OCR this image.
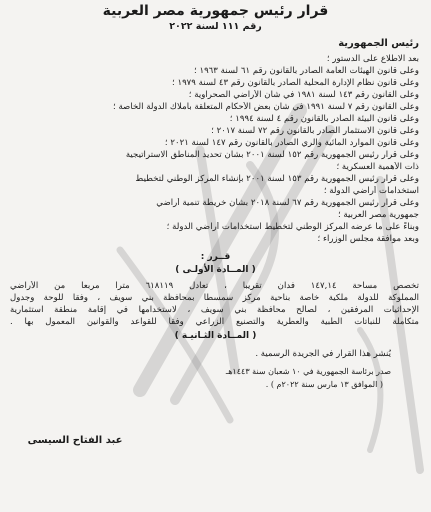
قرار رئيس جمهورية مصر العربية

رقم ١١١ لسنة ٢٠٢٢

رئيس الجمهورية

بعد الاطلاع على الدستور ؛

وعلى قانون الهيئات العامة الصادر بالقانون رقم ٦١ لسنة ١٩٦٣ ؛

وعلى قانون نظام الإدارة المحلية الصادر بالقانون رقم ٤٣ لسنة ١٩٧٩ ؛

وعلى القانون رقم ١٤٣ لسنة ١٩٨١ في شأن الأراضي الصحراوية ؛

وعلى القانون رقم ٧ لسنة ١٩٩١ في شأن بعض الأحكام المتعلقة بأملاك الدولة الخاصة ؛

وعلى قانون البيئة الصادر بالقانون رقم ٤ لسنة ١٩٩٤ ؛

وعلى قانون الاستثمار الصادر بالقانون رقم ٧٢ لسنة ٢٠١٧ ؛

وعلى قانون الموارد المائية والري الصادر بالقانون رقم ١٤٧ لسنة ٢٠٢١ ؛

وعلى قرار رئيس الجمهورية رقم ١٥٢ لسنة ٢٠٠١ بشأن تحديد المناطق الاستراتيجية

ذات الأهمية العسكرية ؛

وعلى قرار رئيس الجمهورية رقم ١٥٣ لسنة ٢٠٠١ بإنشاء المركز الوطني لتخطيط

استخدامات أراضي الدولة ؛

وعلى قرار رئيس الجمهورية رقم ٦٧ لسنة ٢٠١٨ بشأن خريطة تنمية أراضي

جمهورية مصر العربية ؛

وبناءً على ما عرضه المركز الوطني لتخطيط استخدامات أراضي الدولة ؛

وبعد موافقة مجلس الوزراء ؛

قــرر :

( المــادة الأولـى )

تخصص مساحة ١٤٧,١٤ فدان تقريباً ، تعادل ٦١٨١١٩ متراً مربعاً من الأراضي

المملوكة للدولة ملكية خاصة بناحية مركز سمسطا بمحافظة بني سويف ، وفقاً للوحة وجدول

الإحداثيات المرفقين ، لصالح محافظة بني سويف ، لاستخدامها في إقامة منطقة استثمارية

متكاملة للنباتات الطبية والعطرية والتصنيع الزراعي وفقاً للقواعد والقوانين المعمول بها .

( المــادة الثـانيـة )

يُنشر هذا القرار في الجريدة الرسمية .

صدر برئاسة الجمهورية في ١٠ شعبان سنة ١٤٤٣هـ

( الموافق ١٣ مارس سنة ٢٠٢٢م ) .

عبد الفتاح السيسى
